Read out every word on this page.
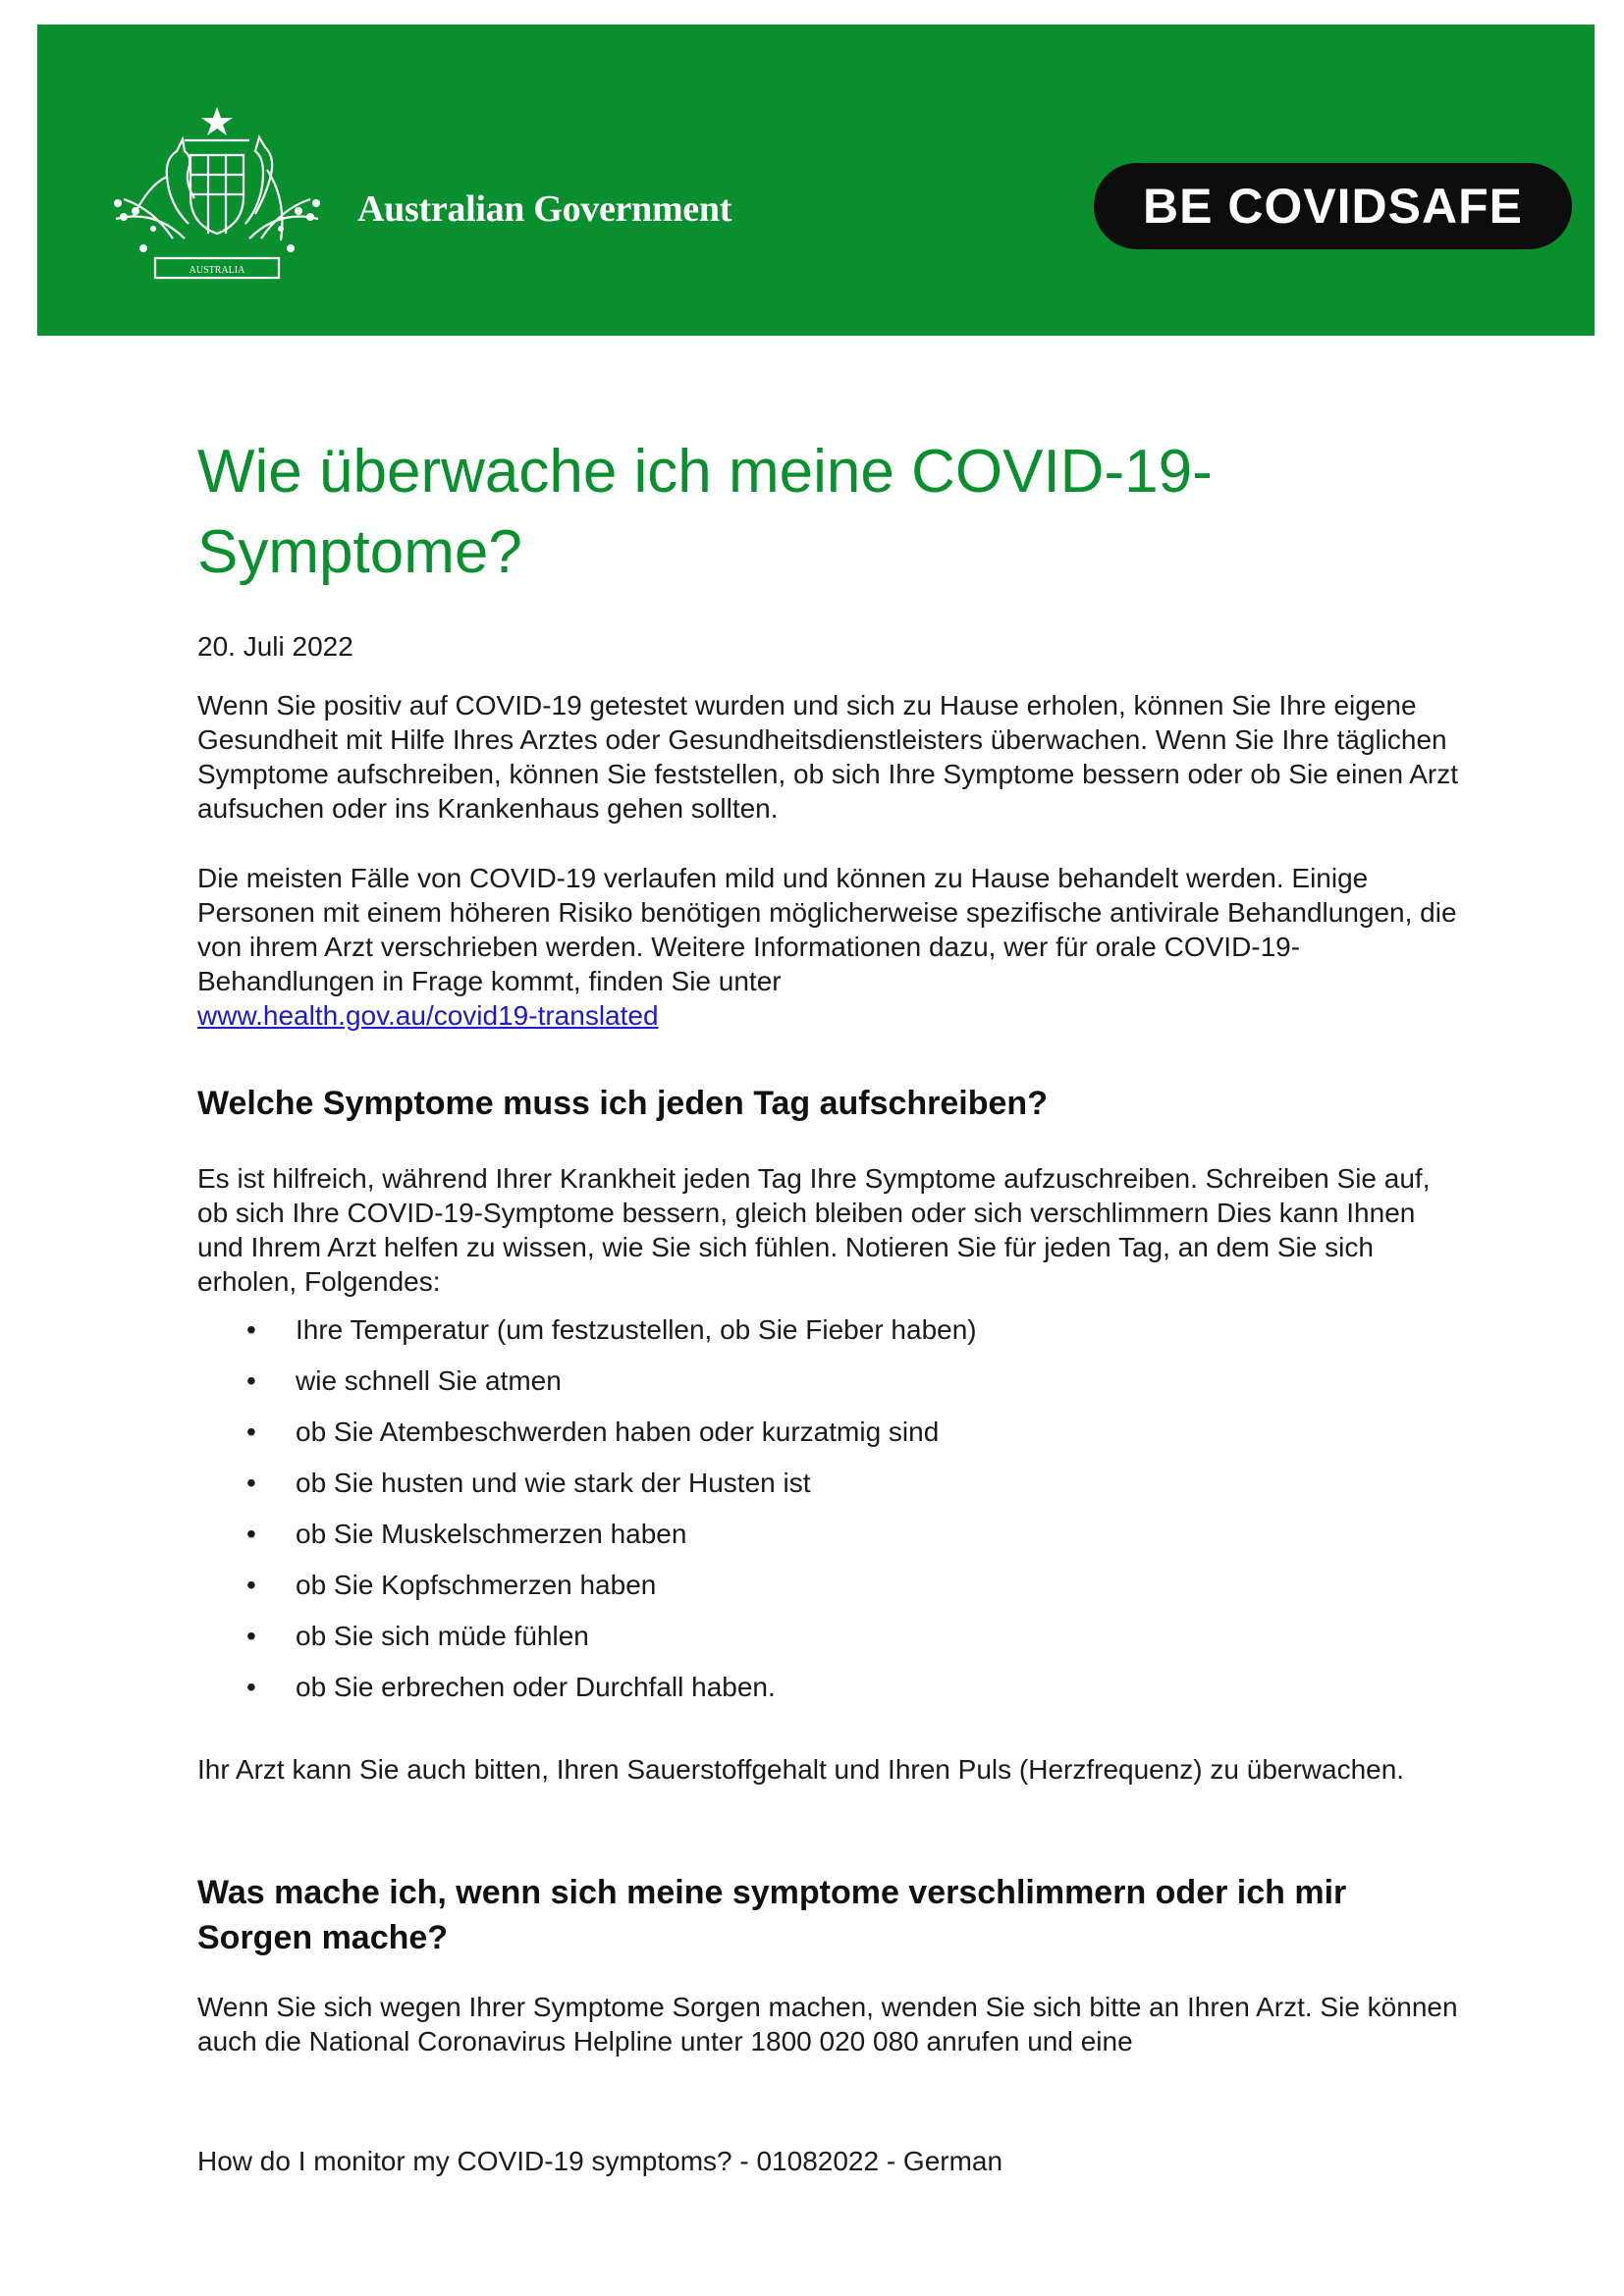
AUSTRALIA
Australian Government	BE COVIDSAFE
Wie überwache ich meine COVID-19-
Symptome?

20. Juli 2022

Wenn Sie positiv auf COVID-19 getestet wurden und sich zu Hause erholen, können Sie Ihre eigene Gesundheit mit Hilfe Ihres Arztes oder Gesundheitsdienstleisters überwachen. Wenn Sie Ihre täglichen Symptome aufschreiben, können Sie feststellen, ob sich Ihre Symptome bessern oder ob Sie einen Arzt aufsuchen oder ins Krankenhaus gehen sollten.

Die meisten Fälle von COVID-19 verlaufen mild und können zu Hause behandelt werden. Einige Personen mit einem höheren Risiko benötigen möglicherweise spezifische antivirale Behandlungen, die von ihrem Arzt verschrieben werden. Weitere Informationen dazu, wer für orale COVID-19-Behandlungen in Frage kommt, finden Sie unter

www.health.gov.au/covid19-translated

Welche Symptome muss ich jeden Tag aufschreiben?

Es ist hilfreich, während Ihrer Krankheit jeden Tag Ihre Symptome aufzuschreiben. Schreiben Sie auf, ob sich Ihre COVID-19-Symptome bessern, gleich bleiben oder sich verschlimmern Dies kann Ihnen und Ihrem Arzt helfen zu wissen, wie Sie sich fühlen. Notieren Sie für jeden Tag, an dem Sie sich erholen, Folgendes:

• Ihre Temperatur (um festzustellen, ob Sie Fieber haben)
• wie schnell Sie atmen
• ob Sie Atembeschwerden haben oder kurzatmig sind
• ob Sie husten und wie stark der Husten ist
• ob Sie Muskelschmerzen haben
• ob Sie Kopfschmerzen haben
• ob Sie sich müde fühlen
• ob Sie erbrechen oder Durchfall haben.

Ihr Arzt kann Sie auch bitten, Ihren Sauerstoffgehalt und Ihren Puls (Herzfrequenz) zu überwachen.

Was mache ich, wenn sich meine symptome verschlimmern oder ich mir Sorgen mache?

Wenn Sie sich wegen Ihrer Symptome Sorgen machen, wenden Sie sich bitte an Ihren Arzt. Sie können auch die National Coronavirus Helpline unter 1800 020 080 anrufen und eine

How do I monitor my COVID-19 symptoms? - 01082022 - German
